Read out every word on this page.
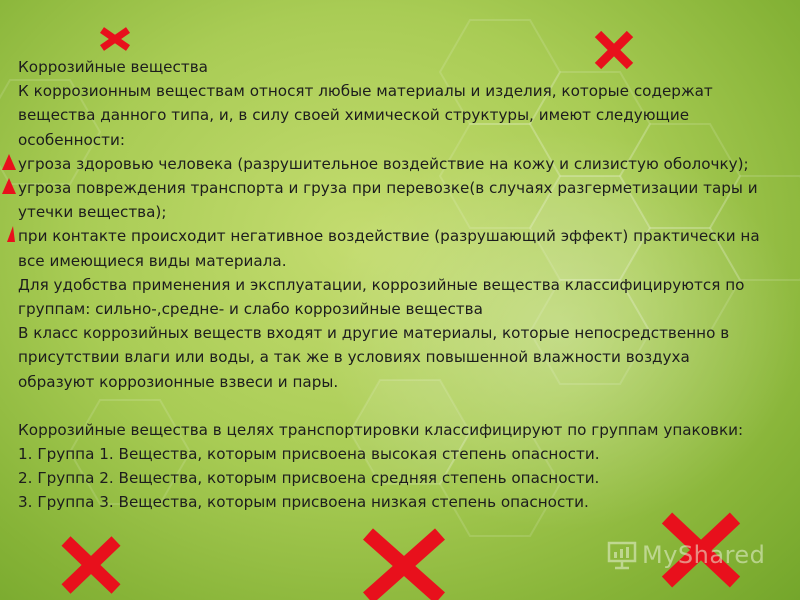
Коррозийные вещества

К коррозионным веществам относят любые материалы и изделия, которые содержат

вещества данного типа, и, в силу своей химической структуры, имеют следующие

особенности:

угроза здоровью человека (разрушительное воздействие на кожу и слизистую оболочку);

угроза повреждения транспорта и груза при перевозке(в случаях разгерметизации тары и

утечки вещества);

при контакте происходит негативное воздействие (разрушающий эффект) практически на

все имеющиеся виды материала.

Для удобства применения и эксплуатации, коррозийные вещества классифицируются по

группам: сильно-,средне- и слабо коррозийные вещества

В класс коррозийных веществ входят и другие материалы, которые непосредственно в

присутствии влаги или воды, а так же в условиях повышенной влажности воздуха

образуют коррозионные взвеси и пары.

Коррозийные вещества в целях транспортировки классифицируют по группам упаковки:

1. Группа 1. Вещества, которым присвоена высокая степень опасности.

2. Группа 2. Вещества, которым присвоена средняя степень опасности.

3. Группа 3. Вещества, которым присвоена низкая степень опасности.

MyShared
